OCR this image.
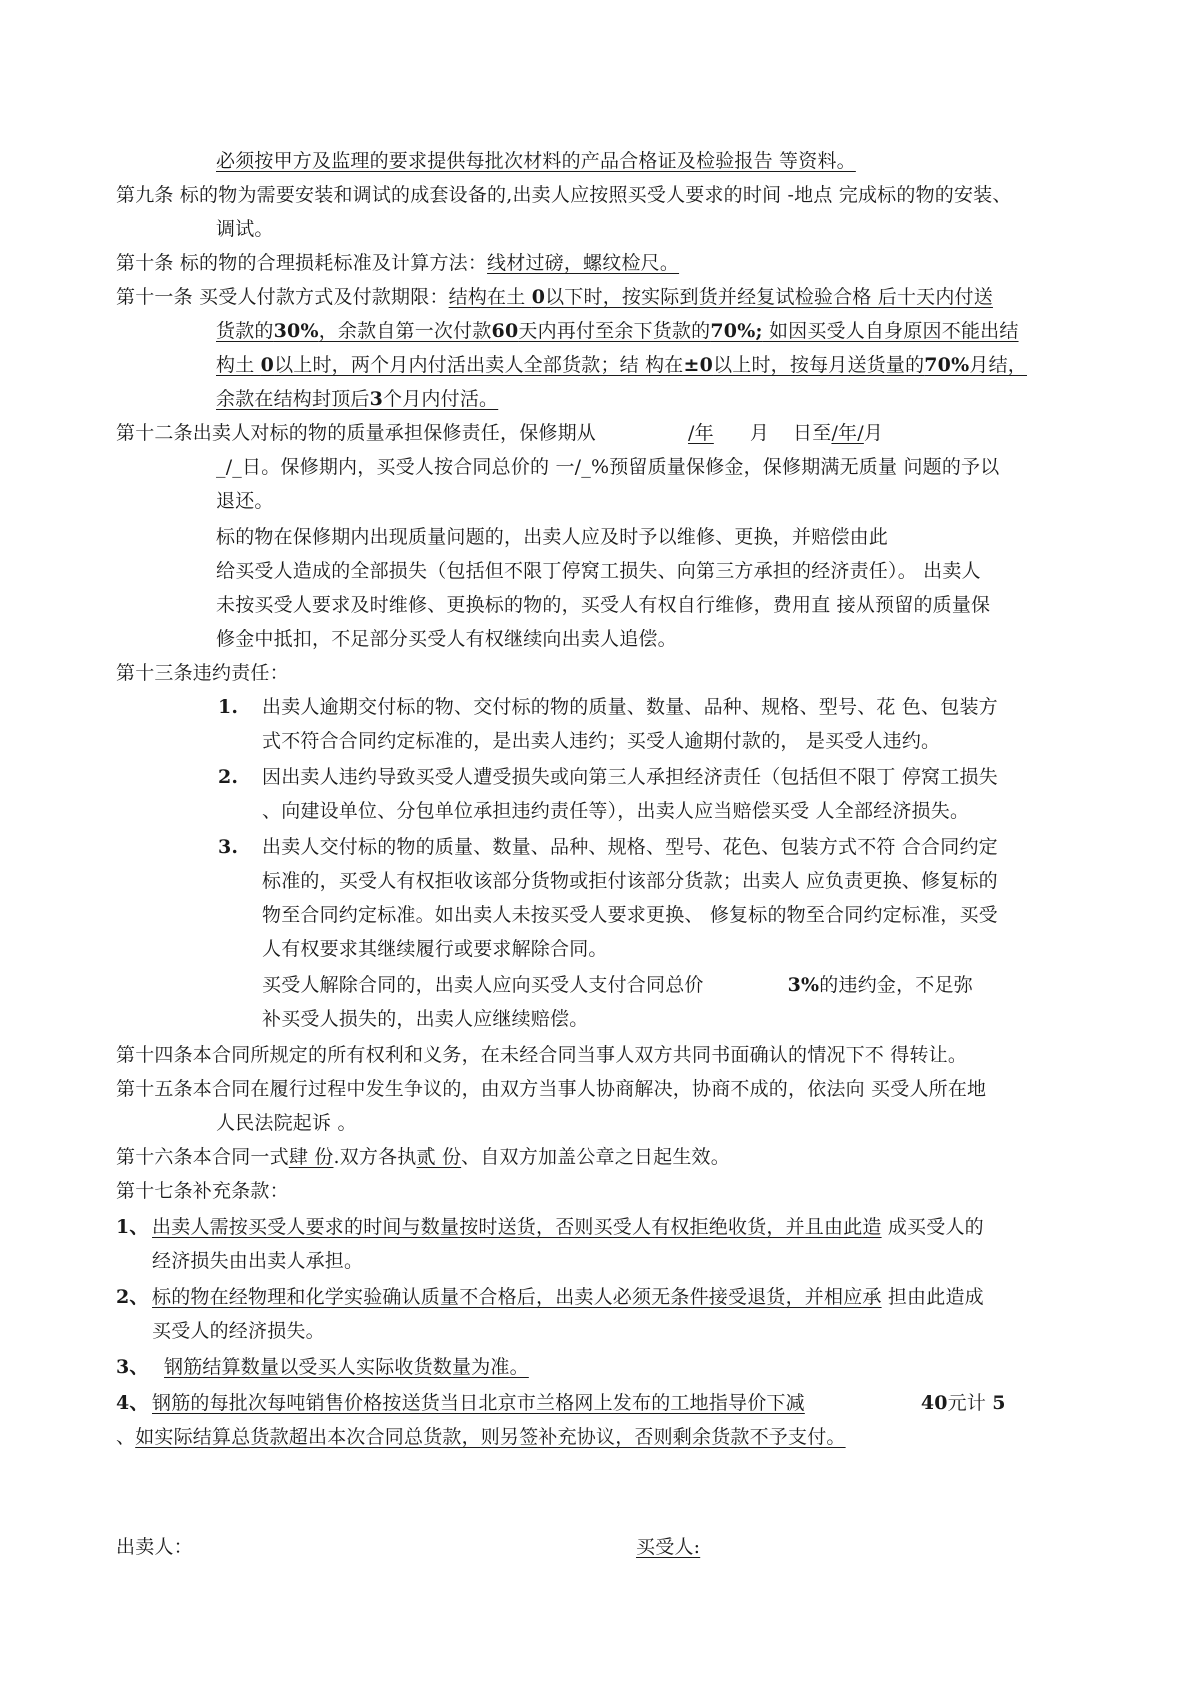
必须按甲方及监理的要求提供每批次材料的产品合格证及检验报告 等资料。
第九条 标的物为需要安装和调试的成套设备的,出卖人应按照买受人要求的时间 -地点 完成标的物的安装、
调试。
第十条 标的物的合理损耗标准及计算方法：线材过磅，螺纹检尺。
第十一条 买受人付款方式及付款期限：结构在土 0以下时，按实际到货并经复试检验合格 后十天内付送
货款的30%，余款自第一次付款60天内再付至余下货款的70%; 如因买受人自身原因不能出结
构土 0以上时，两个月内付活出卖人全部货款；结 构在±0以上时，按每月送货量的70%月结，
余款在结构封顶后3个月内付活。
第十二条出卖人对标的物的质量承担保修责任，保修期从	/年 月 日至/年/月
_/_日。保修期内，买受人按合同总价的 一/_%预留质量保修金，保修期满无质量 问题的予以
退还。
标的物在保修期内出现质量问题的，出卖人应及时予以维修、更换，并赔偿由此
给买受人造成的全部损失（包括但不限丁停窝工损失、向第三方承担的经济责任）。 出卖人
未按买受人要求及时维修、更换标的物的，买受人有权自行维修，费用直 接从预留的质量保
修金中抵扣，不足部分买受人有权继续向出卖人追偿。
第十三条违约责任：
1. 出卖人逾期交付标的物、交付标的物的质量、数量、品种、规格、型号、花 色、包装方
式不符合合同约定标准的，是出卖人违约；买受人逾期付款的， 是买受人违约。
2. 因出卖人违约导致买受人遭受损失或向第三人承担经济责任（包括但不限丁 停窝工损失
、向建设单位、分包单位承担违约责任等），出卖人应当赔偿买受 人全部经济损失。
3. 出卖人交付标的物的质量、数量、品种、规格、型号、花色、包装方式不符 合合同约定
标准的，买受人有权拒收该部分货物或拒付该部分货款；出卖人 应负责更换、修复标的
物至合同约定标准。如出卖人未按买受人要求更换、 修复标的物至合同约定标准，买受
人有权要求其继续履行或要求解除合同。
买受人解除合同的，出卖人应向买受人支付合同总价	3%的违约金，不足弥
补买受人损失的，出卖人应继续赔偿。
第十四条本合同所规定的所有权利和义务，在未经合同当事人双方共同书面确认的情况下不 得转让。
第十五条本合同在履行过程中发生争议的，由双方当事人协商解决，协商不成的，依法向 买受人所在地
人民法院起诉 。
第十六条本合同一式肆 份.双方各执贰 份、自双方加盖公章之日起生效。
第十七条补充条款：
1、 出卖人需按买受人要求的时间与数量按时送货，否则买受人有权拒绝收货，并且由此造 成买受人的
经济损失由出卖人承担。
2、 标的物在经物理和化学实验确认质量不合格后，出卖人必须无条件接受退货，并相应承 担由此造成
买受人的经济损失。
3、 钢筋结算数量以受买人实际收货数量为准。
4、 钢筋的每批次每吨销售价格按送货当日北京市兰格网上发布的工地指导价下减	40元计 5
、如实际结算总货款超出本次合同总货款，则另签补充协议，否则剩余货款不予支付。
出卖人：	买受人:
